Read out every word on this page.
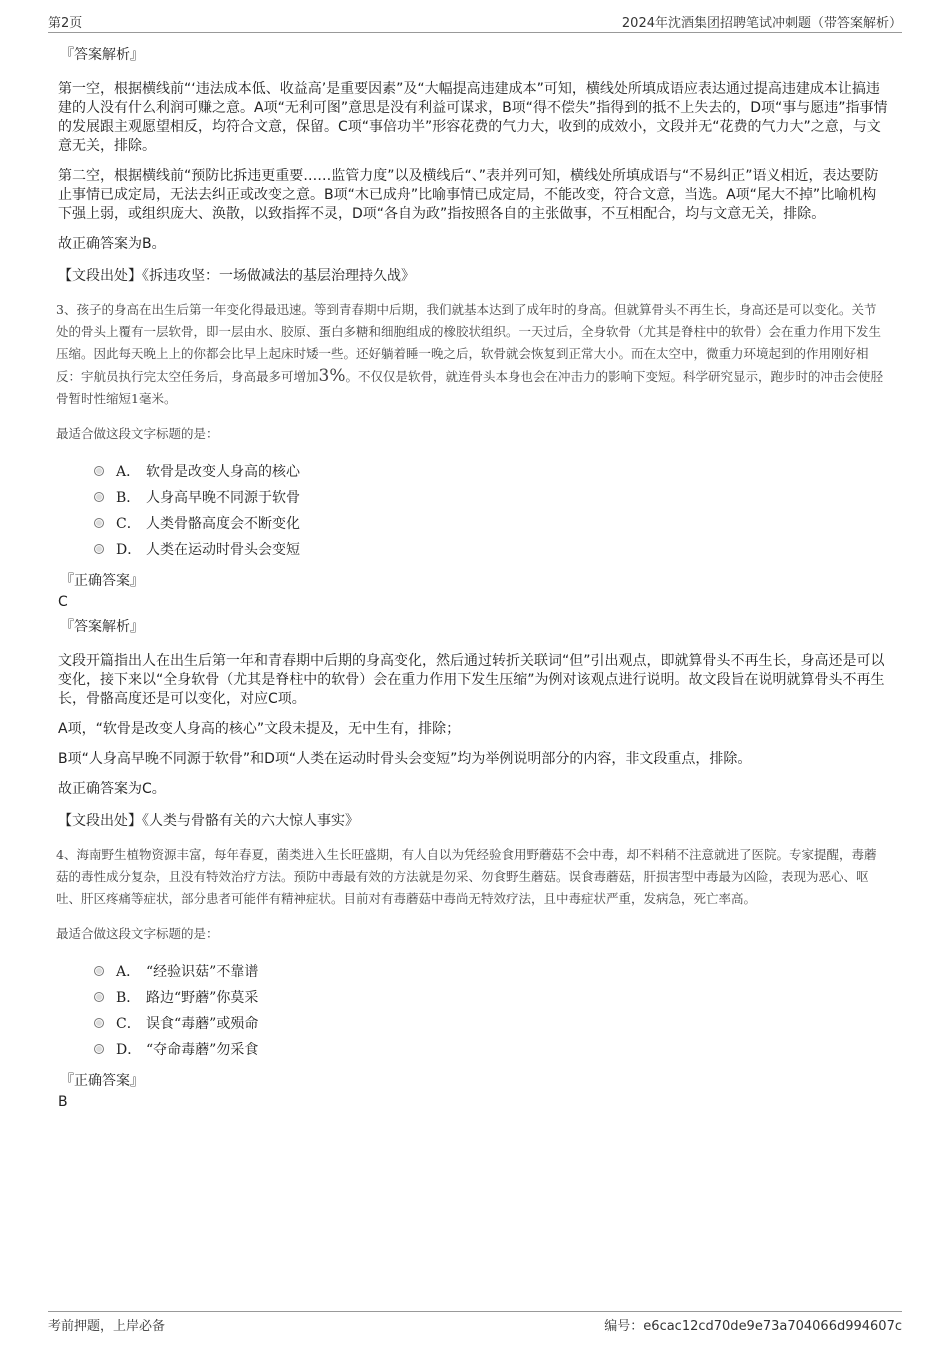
第2页	2024年沈酒集团招聘笔试冲刺题（带答案解析）
『答案解析』

第一空，根据横线前“‘违法成本低、收益高’是重要因素”及“大幅提高违建成本”可知，横线处所填成语应表达通过提高违建成本让搞违建的人没有什么利润可赚之意。A项“无利可图”意思是没有利益可谋求，B项“得不偿失”指得到的抵不上失去的，D项“事与愿违”指事情的发展跟主观愿望相反，均符合文意，保留。C项“事倍功半”形容花费的气力大，收到的成效小，文段并无“花费的气力大”之意，与文意无关，排除。

第二空，根据横线前“预防比拆违更重要……监管力度”以及横线后“、”表并列可知，横线处所填成语与“不易纠正”语义相近，表达要防止事情已成定局，无法去纠正或改变之意。B项“木已成舟”比喻事情已成定局，不能改变，符合文意，当选。A项“尾大不掉”比喻机构下强上弱，或组织庞大、涣散，以致指挥不灵，D项“各自为政”指按照各自的主张做事，不互相配合，均与文意无关，排除。

故正确答案为B。

【文段出处】《拆违攻坚：一场做减法的基层治理持久战》
3、孩子的身高在出生后第一年变化得最迅速。等到青春期中后期，我们就基本达到了成年时的身高。但就算骨头不再生长，身高还是可以变化。关节处的骨头上覆有一层软骨，即一层由水、胶原、蛋白多糖和细胞组成的橡胶状组织。一天过后，全身软骨（尤其是脊柱中的软骨）会在重力作用下发生压缩。因此每天晚上上的你都会比早上起床时矮一些。还好躺着睡一晚之后，软骨就会恢复到正常大小。而在太空中，微重力环境起到的作用刚好相反：宇航员执行完太空任务后，身高最多可增加3%。不仅仅是软骨，就连骨头本身也会在冲击力的影响下变短。科学研究显示，跑步时的冲击会使胫骨暂时性缩短1毫米。
最适合做这段文字标题的是：
A． 软骨是改变人身高的核心
B． 人身高早晚不同源于软骨
C． 人类骨骼高度会不断变化
D． 人类在运动时骨头会变短
『正确答案』
C
『答案解析』

文段开篇指出人在出生后第一年和青春期中后期的身高变化，然后通过转折关联词“但”引出观点，即就算骨头不再生长，身高还是可以变化，接下来以“全身软骨（尤其是脊柱中的软骨）会在重力作用下发生压缩”为例对该观点进行说明。故文段旨在说明就算骨头不再生长，骨骼高度还是可以变化，对应C项。

A项，“软骨是改变人身高的核心”文段未提及，无中生有，排除；

B项“人身高早晚不同源于软骨”和D项“人类在运动时骨头会变短”均为举例说明部分的内容，非文段重点，排除。

故正确答案为C。

【文段出处】《人类与骨骼有关的六大惊人事实》
4、海南野生植物资源丰富，每年春夏，菌类进入生长旺盛期，有人自以为凭经验食用野蘑菇不会中毒，却不料稍不注意就进了医院。专家提醒，毒蘑菇的毒性成分复杂，且没有特效治疗方法。预防中毒最有效的方法就是勿采、勿食野生蘑菇。误食毒蘑菇，肝损害型中毒最为凶险，表现为恶心、呕吐、肝区疼痛等症状，部分患者可能伴有精神症状。目前对有毒蘑菇中毒尚无特效疗法，且中毒症状严重，发病急，死亡率高。
最适合做这段文字标题的是：
A． “经验识菇”不靠谱
B． 路边“野蘑”你莫采
C． 误食“毒蘑”或殒命
D． “夺命毒蘑”勿采食
『正确答案』
B
考前押题，上岸必备	编号：e6cac12cd70de9e73a704066d994607c
